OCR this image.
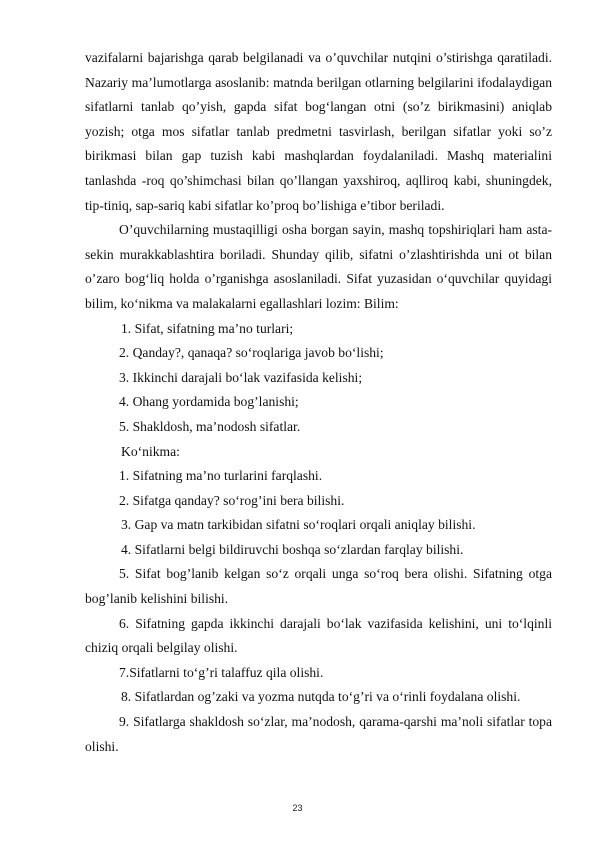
vazifalarni bajarishga qarab belgilanadi va o’quvchilar nutqini o’stirishga qaratiladi. Nazariy ma’lumotlarga asoslanib: matnda berilgan otlarning belgilarini ifodalaydigan sifatlarni tanlab qo’yish, gapda sifat bog‘langan otni (so’z birikmasini) aniqlab yozish; otga mos sifatlar tanlab predmetni tasvirlash, berilgan sifatlar yoki so’z birikmasi bilan gap tuzish kabi mashqlardan foydalaniladi. Mashq materialini tanlashda -roq qo’shimchasi bilan qo’llangan yaxshiroq, aqlliroq kabi, shuningdek, tip-tiniq, sap-sariq kabi sifatlar ko’proq bo’lishiga e’tibor beriladi.

O’quvchilarning mustaqilligi osha borgan sayin, mashq topshiriqlari ham asta-sekin murakkablashtira boriladi. Shunday qilib, sifatni o’zlashtirishda uni ot bilan o’zaro bog‘liq holda o’rganishga asoslaniladi. Sifat yuzasidan o‘quvchilar quyidagi bilim, ko‘nikma va malakalarni egallashlari lozim: Bilim:

1. Sifat, sifatning ma’no turlari;

2. Qanday?, qanaqa? so‘roqlariga javob bo‘lishi;

3. Ikkinchi darajali bo‘lak vazifasida kelishi;

4. Ohang yordamida bog’lanishi;

5. Shakldosh, ma’nodosh sifatlar.

Ko‘nikma:

1. Sifatning ma’no turlarini farqlashi.

2. Sifatga qanday? so‘rog’ini bera bilishi.

3. Gap va matn tarkibidan sifatni so‘roqlari orqali aniqlay bilishi.

4. Sifatlarni belgi bildiruvchi boshqa so‘zlardan farqlay bilishi.

5. Sifat bog’lanib kelgan so‘z orqali unga so‘roq bera olishi. Sifatning otga bog’lanib kelishini bilishi.

6. Sifatning gapda ikkinchi darajali bo‘lak vazifasida kelishini, uni to‘lqinli chiziq orqali belgilay olishi.

7.Sifatlarni to‘g’ri talaffuz qila olishi.

8. Sifatlardan og’zaki va yozma nutqda to‘g’ri va o‘rinli foydalana olishi.

9. Sifatlarga shakldosh so‘zlar, ma’nodosh, qarama-qarshi ma’noli sifatlar topa olishi.

23
